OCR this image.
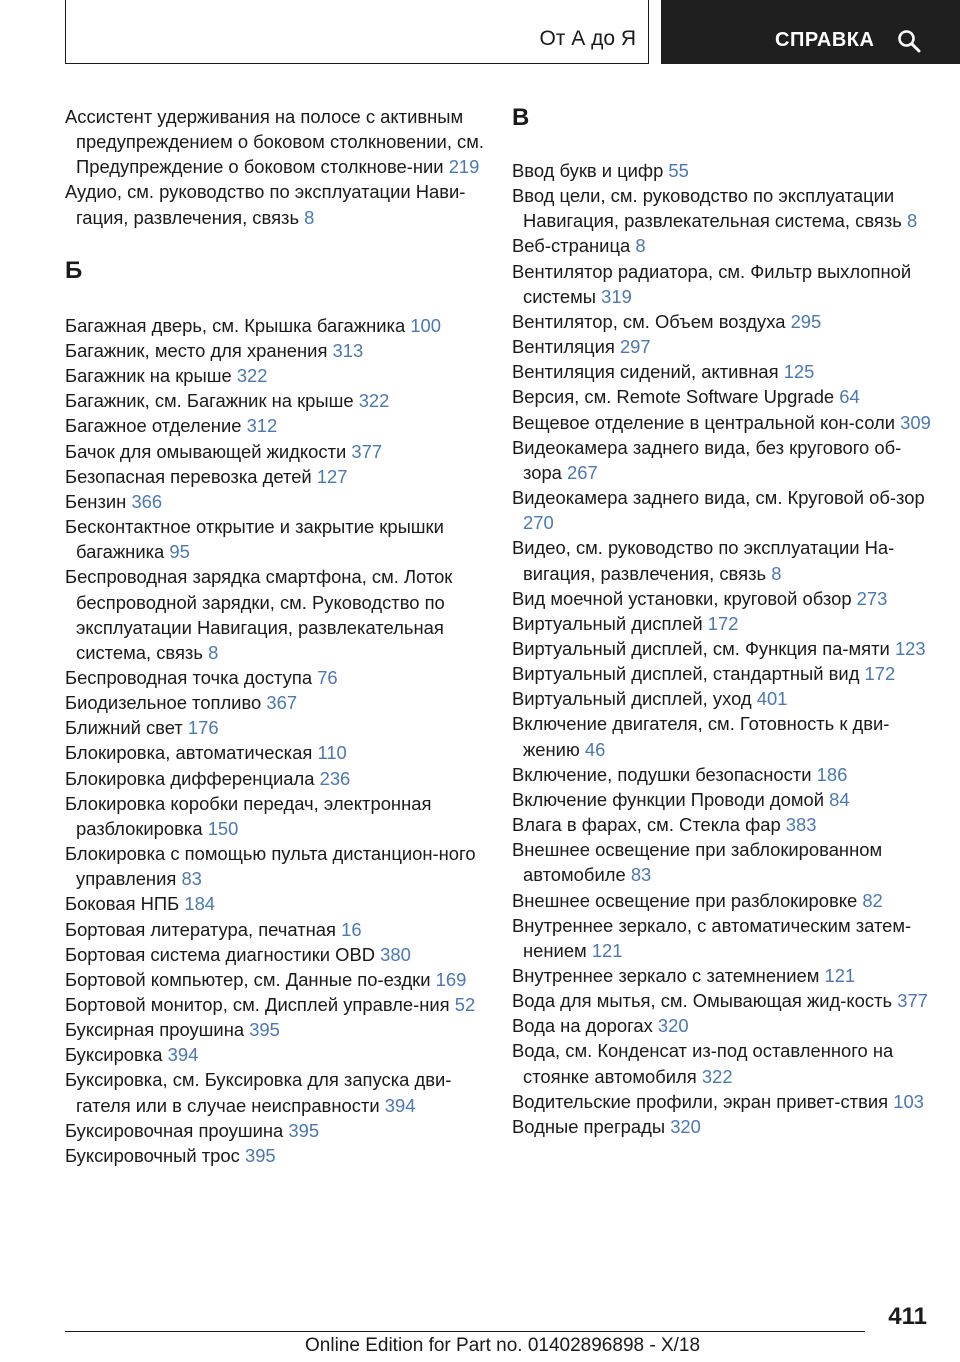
От А до Я	СПРАВКА
Ассистент удерживания на полосе с активным предупреждением о боковом столкновении, см. Предупреждение о боковом столкнове-нии 219
Аудио, см. руководство по эксплуатации Нави-гация, развлечения, связь 8
Б
Багажная дверь, см. Крышка багажника 100
Багажник, место для хранения 313
Багажник на крыше 322
Багажник, см. Багажник на крыше 322
Багажное отделение 312
Бачок для омывающей жидкости 377
Безопасная перевозка детей 127
Бензин 366
Бесконтактное открытие и закрытие крышки багажника 95
Беспроводная зарядка смартфона, см. Лоток беспроводной зарядки, см. Руководство по эксплуатации Навигация, развлекательная система, связь 8
Беспроводная точка доступа 76
Биодизельное топливо 367
Ближний свет 176
Блокировка, автоматическая 110
Блокировка дифференциала 236
Блокировка коробки передач, электронная разблокировка 150
Блокировка с помощью пульта дистанцион-ного управления 83
Боковая НПБ 184
Бортовая литература, печатная 16
Бортовая система диагностики OBD 380
Бортовой компьютер, см. Данные по-ездки 169
Бортовой монитор, см. Дисплей управле-ния 52
Буксирная проушина 395
Буксировка 394
Буксировка, см. Буксировка для запуска дви-гателя или в случае неисправности 394
Буксировочная проушина 395
Буксировочный трос 395
В
Ввод букв и цифр 55
Ввод цели, см. руководство по эксплуатации Навигация, развлекательная система, связь 8
Веб-страница 8
Вентилятор радиатора, см. Фильтр выхлопной системы 319
Вентилятор, см. Объем воздуха 295
Вентиляция 297
Вентиляция сидений, активная 125
Версия, см. Remote Software Upgrade 64
Вещевое отделение в центральной кон-соли 309
Видеокамера заднего вида, без кругового об-зора 267
Видеокамера заднего вида, см. Круговой об-зор 270
Видео, см. руководство по эксплуатации На-вигация, развлечения, связь 8
Вид моечной установки, круговой обзор 273
Виртуальный дисплей 172
Виртуальный дисплей, см. Функция па-мяти 123
Виртуальный дисплей, стандартный вид 172
Виртуальный дисплей, уход 401
Включение двигателя, см. Готовность к дви-жению 46
Включение, подушки безопасности 186
Включение функции Проводи домой 84
Влага в фарах, см. Стекла фар 383
Внешнее освещение при заблокированном автомобиле 83
Внешнее освещение при разблокировке 82
Внутреннее зеркало, с автоматическим затем-нением 121
Внутреннее зеркало с затемнением 121
Вода для мытья, см. Омывающая жид-кость 377
Вода на дорогах 320
Вода, см. Конденсат из-под оставленного на стоянке автомобиля 322
Водительские профили, экран привет-ствия 103
Водные преграды 320
411
Online Edition for Part no. 01402896898 - X/18
